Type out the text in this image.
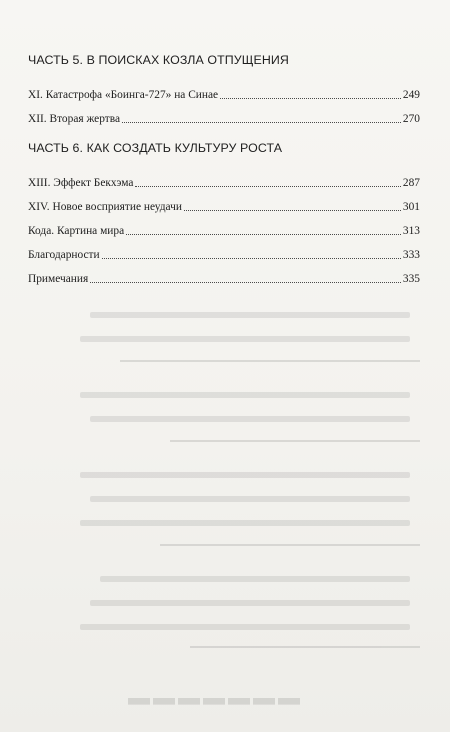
▬▬▬▬▬▬▬
ЧАСТЬ 5. В ПОИСКАХ КОЗЛА ОТПУЩЕНИЯ
XI. Катастрофа «Боинга-727» на Синае	249
XII. Вторая жертва	270
ЧАСТЬ 6. КАК СОЗДАТЬ КУЛЬТУРУ РОСТА
XIII. Эффект Бекхэма	287
XIV. Новое восприятие неудачи	301
Кода. Картина мира	313
Благодарности	333
Примечания	335
